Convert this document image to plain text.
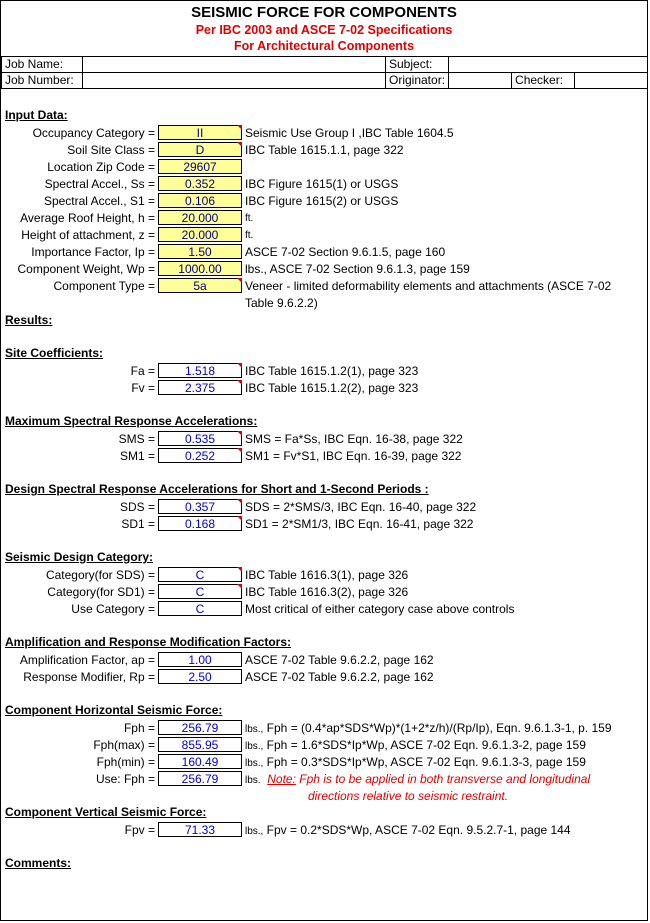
SEISMIC FORCE FOR COMPONENTS
Per IBC 2003 and ASCE 7-02 Specifications
For Architectural Components
Job Name:		Subject:			
Job Number:		Originator:		Checker:	
Input Data:
Occupancy Category =	II	Seismic Use Group I ,IBC Table 1604.5
Soil Site Class =	D	IBC Table 1615.1.1, page 322
Location Zip Code =	29607
Spectral Accel., Ss =	0.352	IBC Figure 1615(1) or USGS
Spectral Accel., S1 =	0.106	IBC Figure 1615(2) or USGS
Average Roof Height, h =	20.000	ft.
Height of attachment, z =	20.000	ft.
Importance Factor, Ip =	1.50	ASCE 7-02 Section 9.6.1.5, page 160
Component Weight, Wp =	1000.00	lbs., ASCE 7-02 Section 9.6.1.3, page 159
Component Type =	5a	Veneer - limited deformability elements and attachments (ASCE 7-02
Table 9.6.2.2)
Results:
Site Coefficients:
Fa =	1.518	IBC Table 1615.1.2(1), page 323
Fv =	2.375	IBC Table 1615.1.2(2), page 323
Maximum Spectral Response Accelerations:
SMS =	0.535	SMS = Fa*Ss, IBC Eqn. 16-38, page 322
SM1 =	0.252	SM1 = Fv*S1, IBC Eqn. 16-39, page 322
Design Spectral Response Accelerations for Short and 1-Second Periods :
SDS =	0.357	SDS = 2*SMS/3, IBC Eqn. 16-40, page 322
SD1 =	0.168	SD1 = 2*SM1/3, IBC Eqn. 16-41, page 322
Seismic Design Category:
Category(for SDS) =	C	IBC Table 1616.3(1), page 326
Category(for SD1) =	C	IBC Table 1616.3(2), page 326
Use Category =	C	Most critical of either category case above controls
Amplification and Response Modification Factors:
Amplification Factor, ap =	1.00	ASCE 7-02 Table 9.6.2.2, page 162
Response Modifier, Rp =	2.50	ASCE 7-02 Table 9.6.2.2, page 162
Component Horizontal Seismic Force:
Fph =	256.79	lbs., Fph = (0.4*ap*SDS*Wp)*(1+2*z/h)/(Rp/Ip), Eqn. 9.6.1.3-1, p. 159
Fph(max) =	855.95	lbs., Fph = 1.6*SDS*Ip*Wp, ASCE 7-02 Eqn. 9.6.1.3-2, page 159
Fph(min) =	160.49	lbs., Fph = 0.3*SDS*Ip*Wp, ASCE 7-02 Eqn. 9.6.1.3-3, page 159
Use: Fph =	256.79	lbs. Note: Fph is to be applied in both transverse and longitudinal
directions relative to seismic restraint.
Component Vertical Seismic Force:
Fpv =	71.33	lbs., Fpv = 0.2*SDS*Wp, ASCE 7-02 Eqn. 9.5.2.7-1, page 144
Comments:
